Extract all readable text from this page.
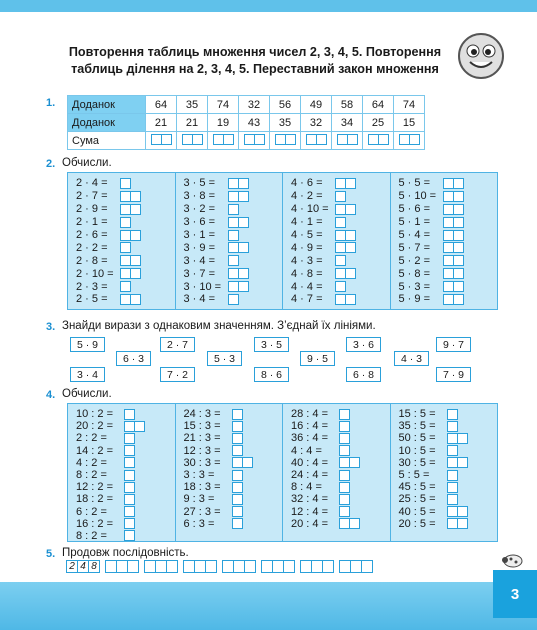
Повторення таблиць множення чисел 2, 3, 4, 5. Повторення
таблиць ділення на 2, 3, 4, 5. Переставний закон множення
1. Доданок	64	35	74	32	56	49	58	64	74
Доданок	21	21	19	43	35	32	34	25	15
Сума	

2. Обчисли.
2 · 4 =
2 · 7 =
2 · 9 =
2 · 1 =
2 · 6 =
2 · 2 =
2 · 8 =
2 · 10 =
2 · 3 =
2 · 5 =
3 · 5 =
3 · 8 =
3 · 2 =
3 · 6 =
3 · 1 =
3 · 9 =
3 · 4 =
3 · 7 =
3 · 10 =
3 · 4 =
4 · 6 =
4 · 2 =
4 · 10 =
4 · 1 =
4 · 5 =
4 · 9 =
4 · 3 =
4 · 8 =
4 · 4 =
4 · 7 =
5 · 5 =
5 · 10 =
5 · 6 =
5 · 1 =
5 · 4 =
5 · 7 =
5 · 2 =
5 · 8 =
5 · 3 =
5 · 9 =
3. Знайди вирази з однаковим значенням. З’єднай їх лініями.
5 · 9
6 · 3
2 · 7
5 · 3
3 · 5
9 · 5
3 · 6
4 · 3
9 · 7
3 · 4	7 · 2	8 · 6	6 · 8	7 · 9
4. Обчисли.
10 : 2 =
20 : 2 =
2 : 2 =
14 : 2 =
4 : 2 =
8 : 2 =
12 : 2 =
18 : 2 =
6 : 2 =
16 : 2 =
8 : 2 =
24 : 3 =
15 : 3 =
21 : 3 =
12 : 3 =
30 : 3 =
3 : 3 =
18 : 3 =
9 : 3 =
27 : 3 =
6 : 3 =
28 : 4 =
16 : 4 =
36 : 4 =
4 : 4 =
40 : 4 =
24 : 4 =
8 : 4 =
32 : 4 =
12 : 4 =
20 : 4 =
15 : 5 =
35 : 5 =
50 : 5 =
10 : 5 =
30 : 5 =
5 : 5 =
45 : 5 =
25 : 5 =
40 : 5 =
20 : 5 =
5. Продовж послідовність.
2 4 8
3
